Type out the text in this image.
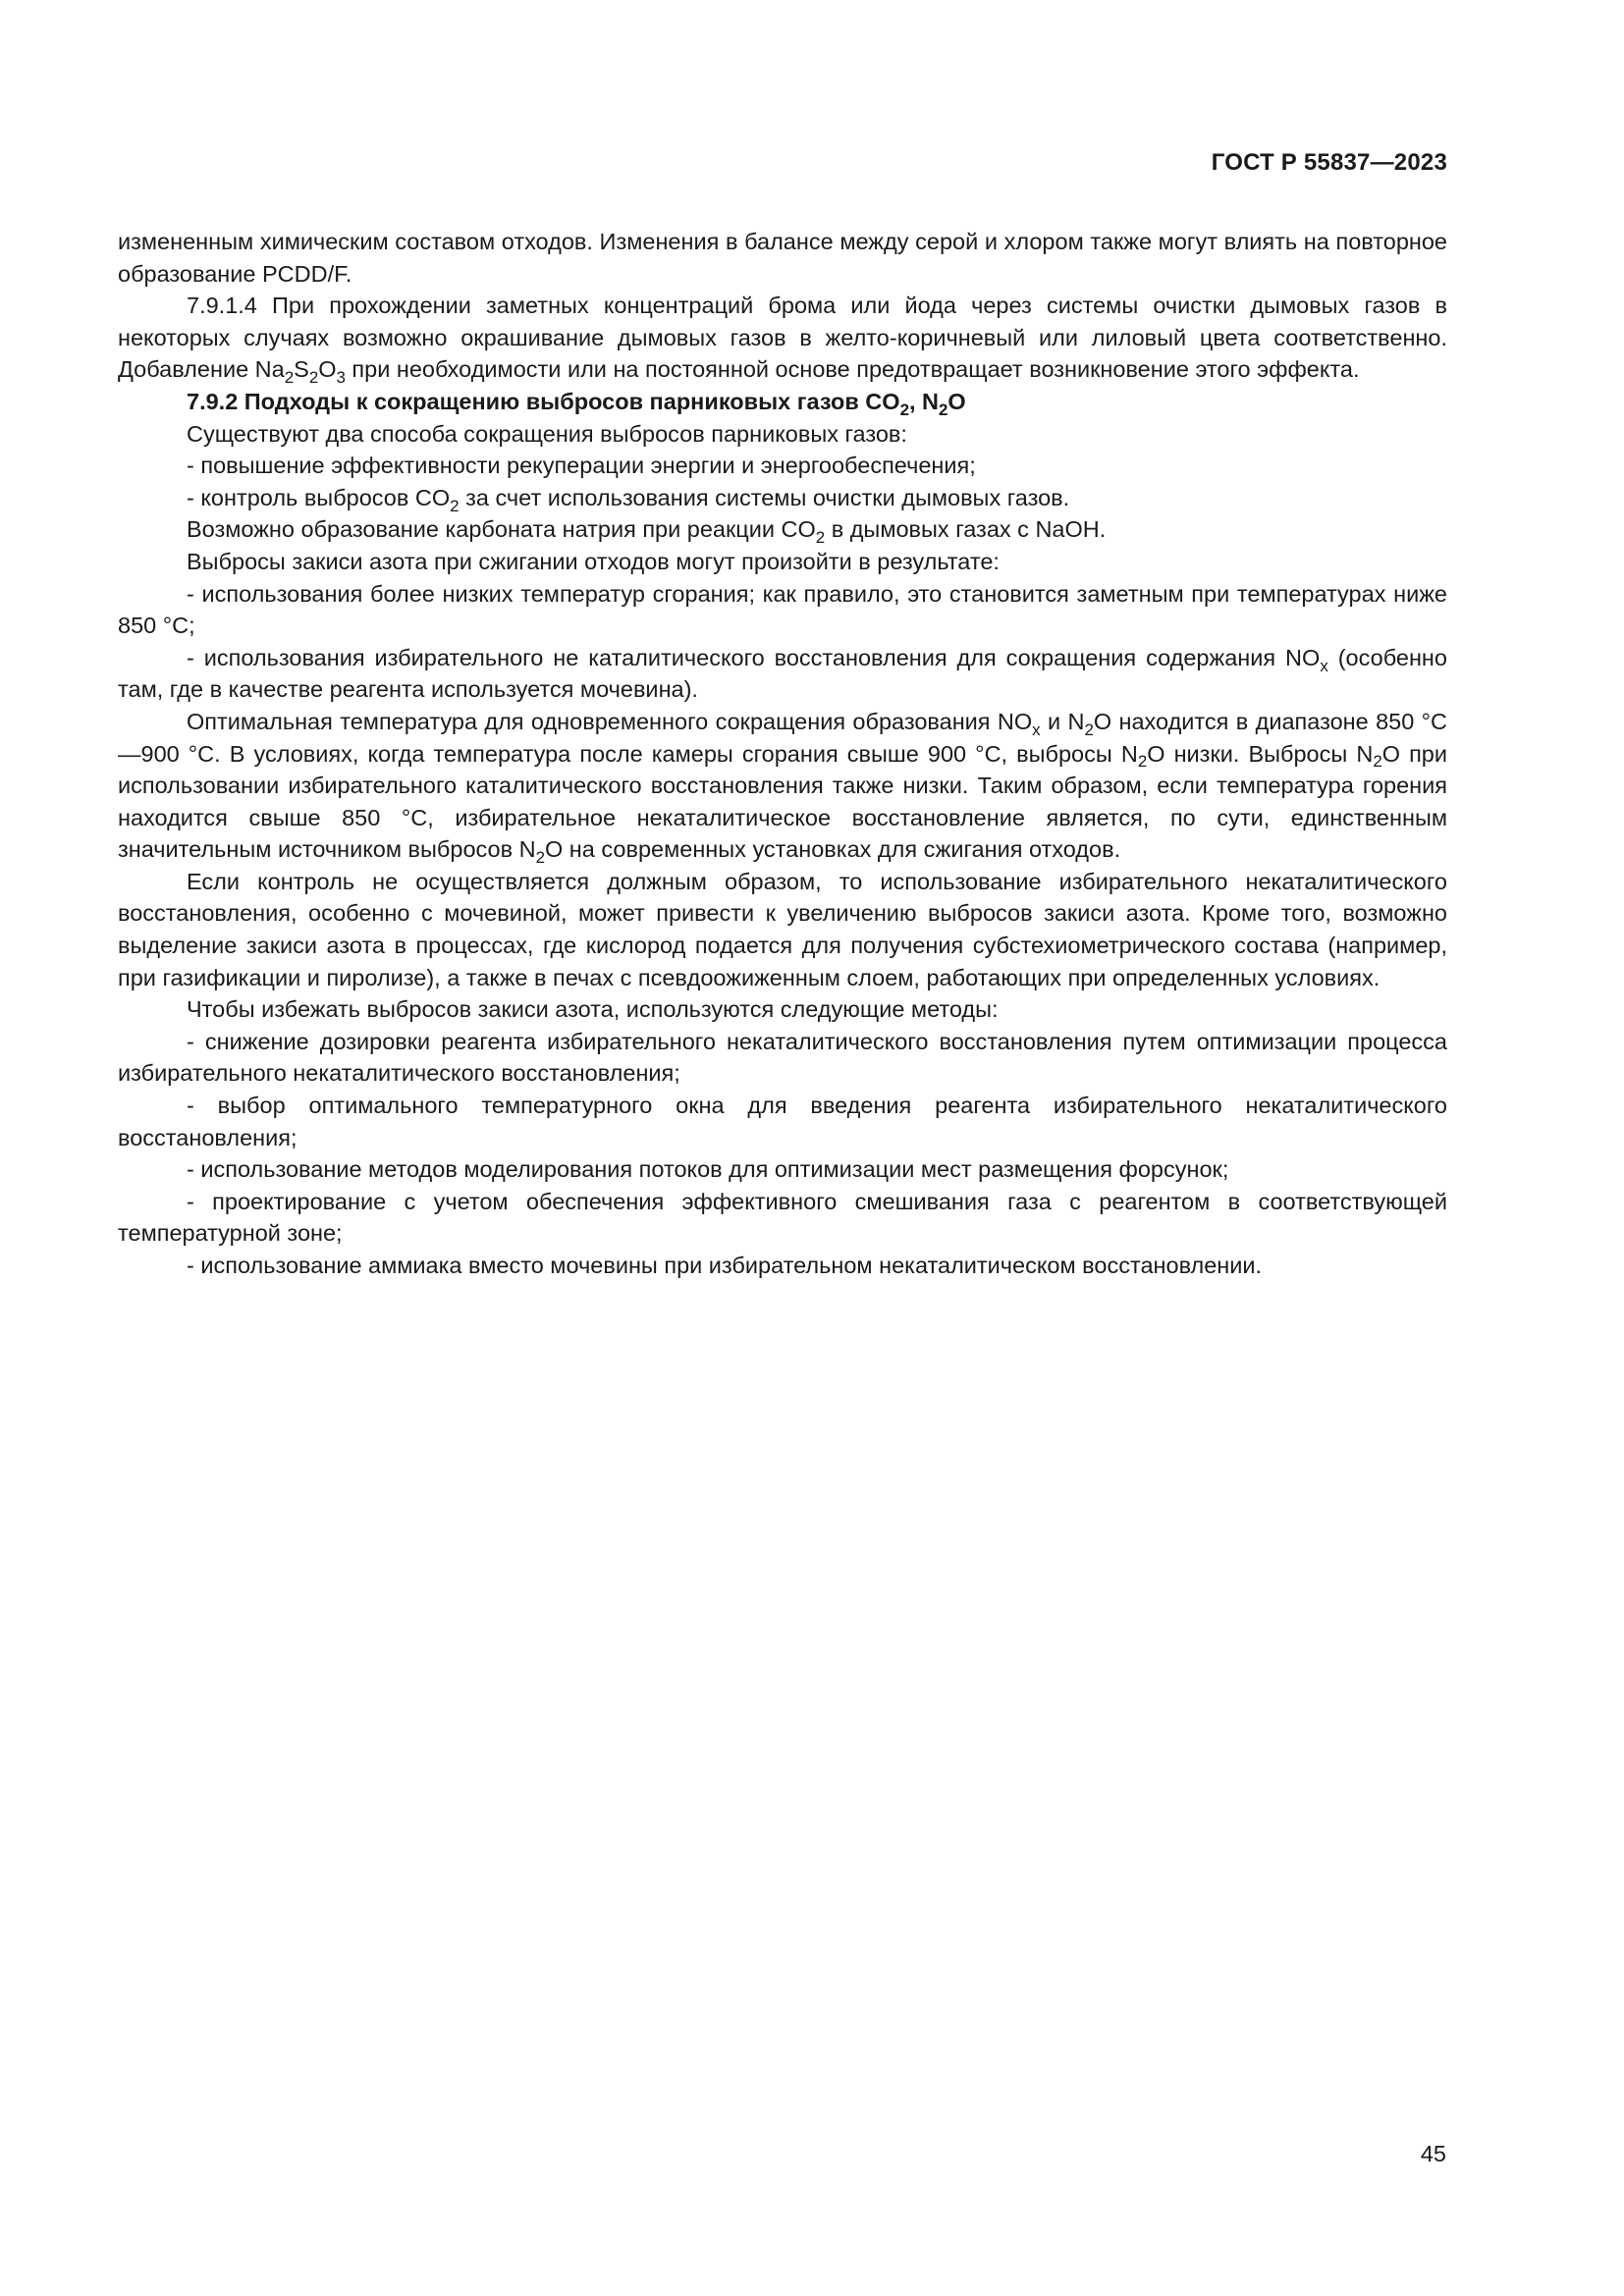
ГОСТ Р 55837—2023

измененным химическим составом отходов. Изменения в балансе между серой и хлором также могут влиять на повторное образование PCDD/F.

7.9.1.4 При прохождении заметных концентраций брома или йода через системы очистки дымовых газов в некоторых случаях возможно окрашивание дымовых газов в желто-коричневый или лиловый цвета соответственно. Добавление $Na_2S_2O_3$ при необходимости или на постоянной основе предотвращает возникновение этого эффекта.

7.9.2 Подходы к сокращению выбросов парниковых газов $CO_2$, $N_2O$

Существуют два способа сокращения выбросов парниковых газов:

- повышение эффективности рекуперации энергии и энергообеспечения;

- контроль выбросов $CO_2$ за счет использования системы очистки дымовых газов.

Возможно образование карбоната натрия при реакции $CO_2$ в дымовых газах с NaOH.

Выбросы закиси азота при сжигании отходов могут произойти в результате:

- использования более низких температур сгорания; как правило, это становится заметным при температурах ниже 850 °C;

- использования избирательного не каталитического восстановления для сокращения содержания $NO_x$ (особенно там, где в качестве реагента используется мочевина).

Оптимальная температура для одновременного сокращения образования $NO_x$ и $N_2O$ находится в диапазоне 850 °C—900 °C. В условиях, когда температура после камеры сгорания свыше 900 °C, выбросы $N_2O$ низки. Выбросы $N_2O$ при использовании избирательного каталитического восстановления также низки. Таким образом, если температура горения находится свыше 850 °C, избирательное некаталитическое восстановление является, по сути, единственным значительным источником выбросов $N_2O$ на современных установках для сжигания отходов.

Если контроль не осуществляется должным образом, то использование избирательного некаталитического восстановления, особенно с мочевиной, может привести к увеличению выбросов закиси азота. Кроме того, возможно выделение закиси азота в процессах, где кислород подается для получения субстехиометрического состава (например, при газификации и пиролизе), а также в печах с псевдоожиженным слоем, работающих при определенных условиях.

Чтобы избежать выбросов закиси азота, используются следующие методы:

- снижение дозировки реагента избирательного некаталитического восстановления путем оптимизации процесса избирательного некаталитического восстановления;

- выбор оптимального температурного окна для введения реагента избирательного некаталитического восстановления;

- использование методов моделирования потоков для оптимизации мест размещения форсунок;

- проектирование с учетом обеспечения эффективного смешивания газа с реагентом в соответствующей температурной зоне;

- использование аммиака вместо мочевины при избирательном некаталитическом восстановлении.

45
